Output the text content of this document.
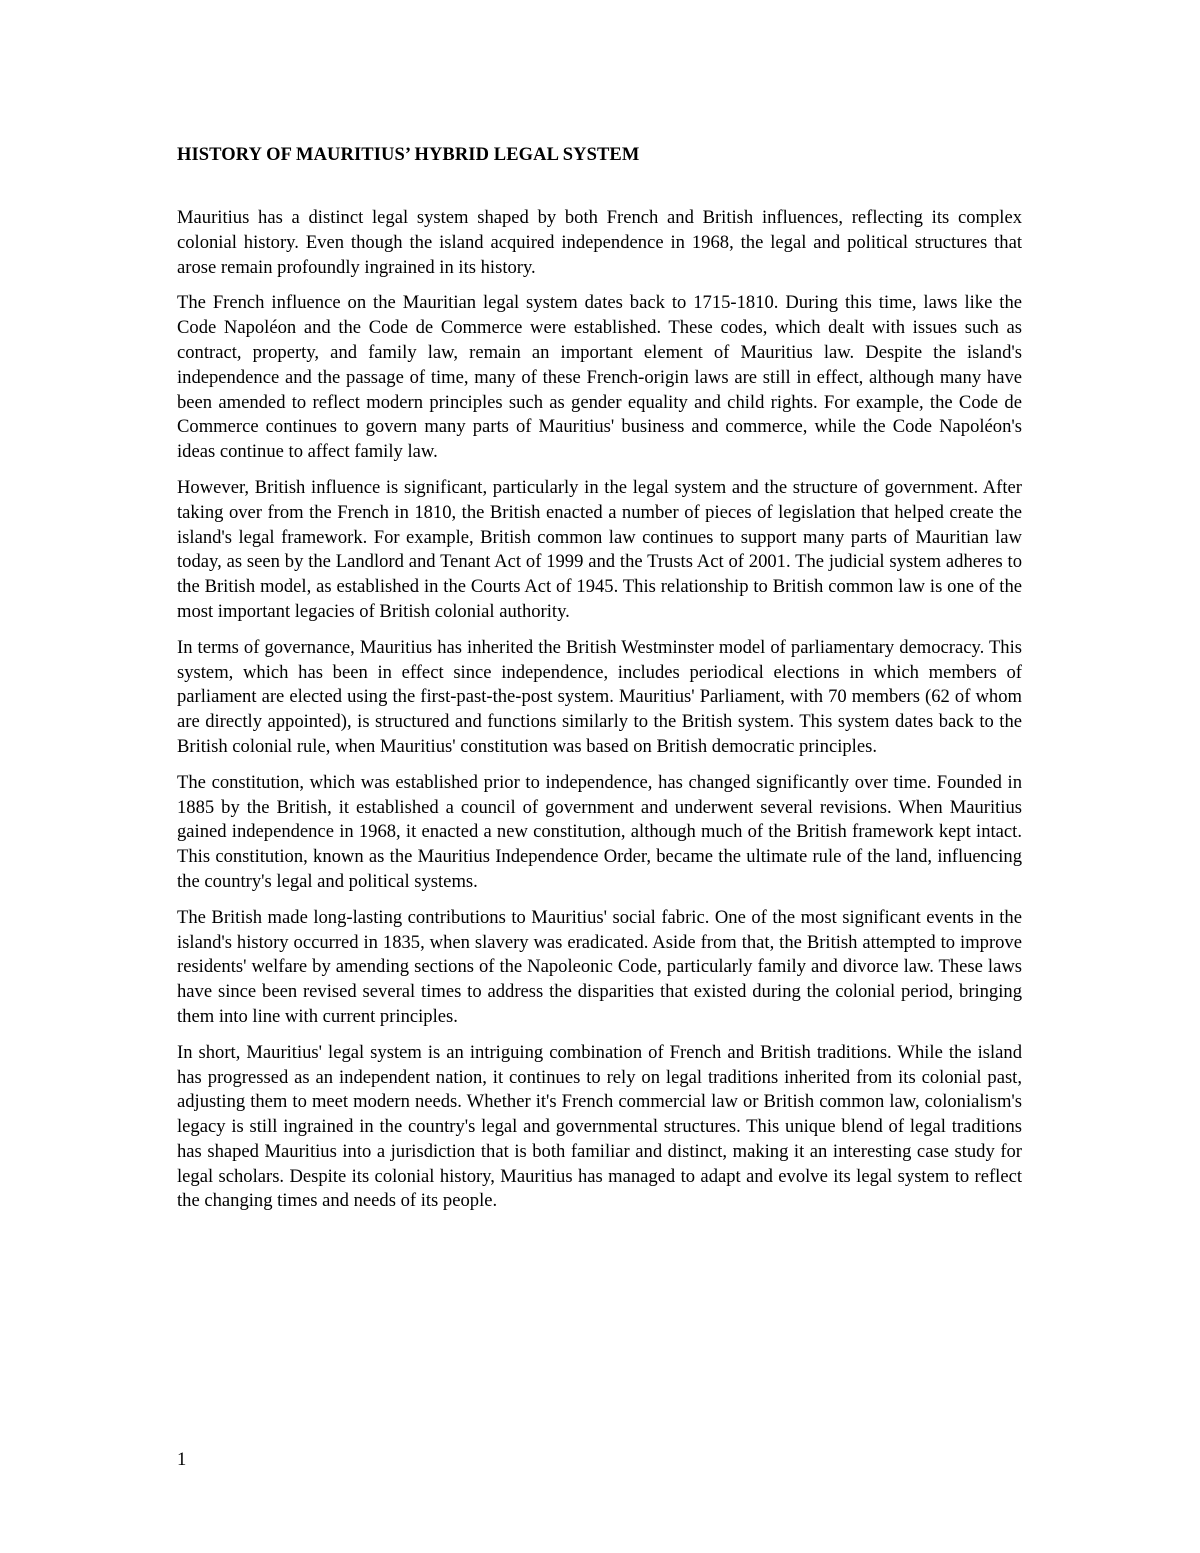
HISTORY OF MAURITIUS’ HYBRID LEGAL SYSTEM

Mauritius has a distinct legal system shaped by both French and British influences, reflecting its complex colonial history. Even though the island acquired independence in 1968, the legal and political structures that arose remain profoundly ingrained in its history.

The French influence on the Mauritian legal system dates back to 1715-1810. During this time, laws like the Code Napoléon and the Code de Commerce were established. These codes, which dealt with issues such as contract, property, and family law, remain an important element of Mauritius law. Despite the island's independence and the passage of time, many of these French-origin laws are still in effect, although many have been amended to reflect modern principles such as gender equality and child rights. For example, the Code de Commerce continues to govern many parts of Mauritius' business and commerce, while the Code Napoléon's ideas continue to affect family law.

However, British influence is significant, particularly in the legal system and the structure of government. After taking over from the French in 1810, the British enacted a number of pieces of legislation that helped create the island's legal framework. For example, British common law continues to support many parts of Mauritian law today, as seen by the Landlord and Tenant Act of 1999 and the Trusts Act of 2001. The judicial system adheres to the British model, as established in the Courts Act of 1945. This relationship to British common law is one of the most important legacies of British colonial authority.

In terms of governance, Mauritius has inherited the British Westminster model of parliamentary democracy. This system, which has been in effect since independence, includes periodical elections in which members of parliament are elected using the first-past-the-post system. Mauritius' Parliament, with 70 members (62 of whom are directly appointed), is structured and functions similarly to the British system. This system dates back to the British colonial rule, when Mauritius' constitution was based on British democratic principles.

The constitution, which was established prior to independence, has changed significantly over time. Founded in 1885 by the British, it established a council of government and underwent several revisions. When Mauritius gained independence in 1968, it enacted a new constitution, although much of the British framework kept intact. This constitution, known as the Mauritius Independence Order, became the ultimate rule of the land, influencing the country's legal and political systems.

The British made long-lasting contributions to Mauritius' social fabric. One of the most significant events in the island's history occurred in 1835, when slavery was eradicated. Aside from that, the British attempted to improve residents' welfare by amending sections of the Napoleonic Code, particularly family and divorce law. These laws have since been revised several times to address the disparities that existed during the colonial period, bringing them into line with current principles.

In short, Mauritius' legal system is an intriguing combination of French and British traditions. While the island has progressed as an independent nation, it continues to rely on legal traditions inherited from its colonial past, adjusting them to meet modern needs. Whether it's French commercial law or British common law, colonialism's legacy is still ingrained in the country's legal and governmental structures. This unique blend of legal traditions has shaped Mauritius into a jurisdiction that is both familiar and distinct, making it an interesting case study for legal scholars. Despite its colonial history, Mauritius has managed to adapt and evolve its legal system to reflect the changing times and needs of its people.

1
